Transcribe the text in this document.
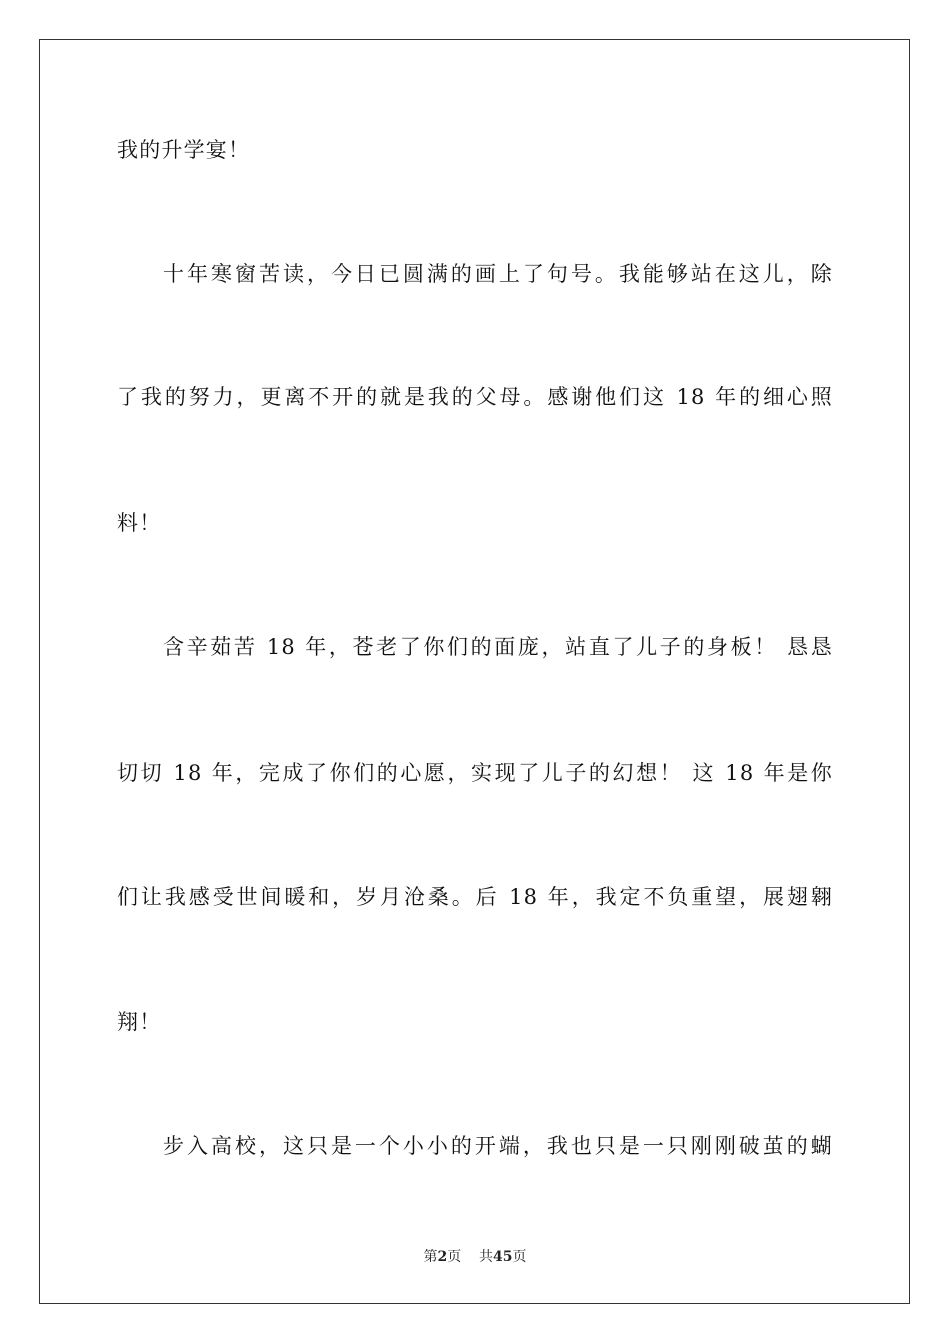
我的升学宴！
十年寒窗苦读，今日已圆满的画上了句号。我能够站在这儿，除
了我的努力，更离不开的就是我的父母。感谢他们这 18 年的细心照
料！
含辛茹苦 18 年，苍老了你们的面庞，站直了儿子的身板！ 恳恳
切切 18 年，完成了你们的心愿，实现了儿子的幻想！ 这 18 年是你
们让我感受世间暖和，岁月沧桑。后 18 年，我定不负重望，展翅翱
翔！
步入高校，这只是一个小小的开端，我也只是一只刚刚破茧的蝴
第2页 共45页
